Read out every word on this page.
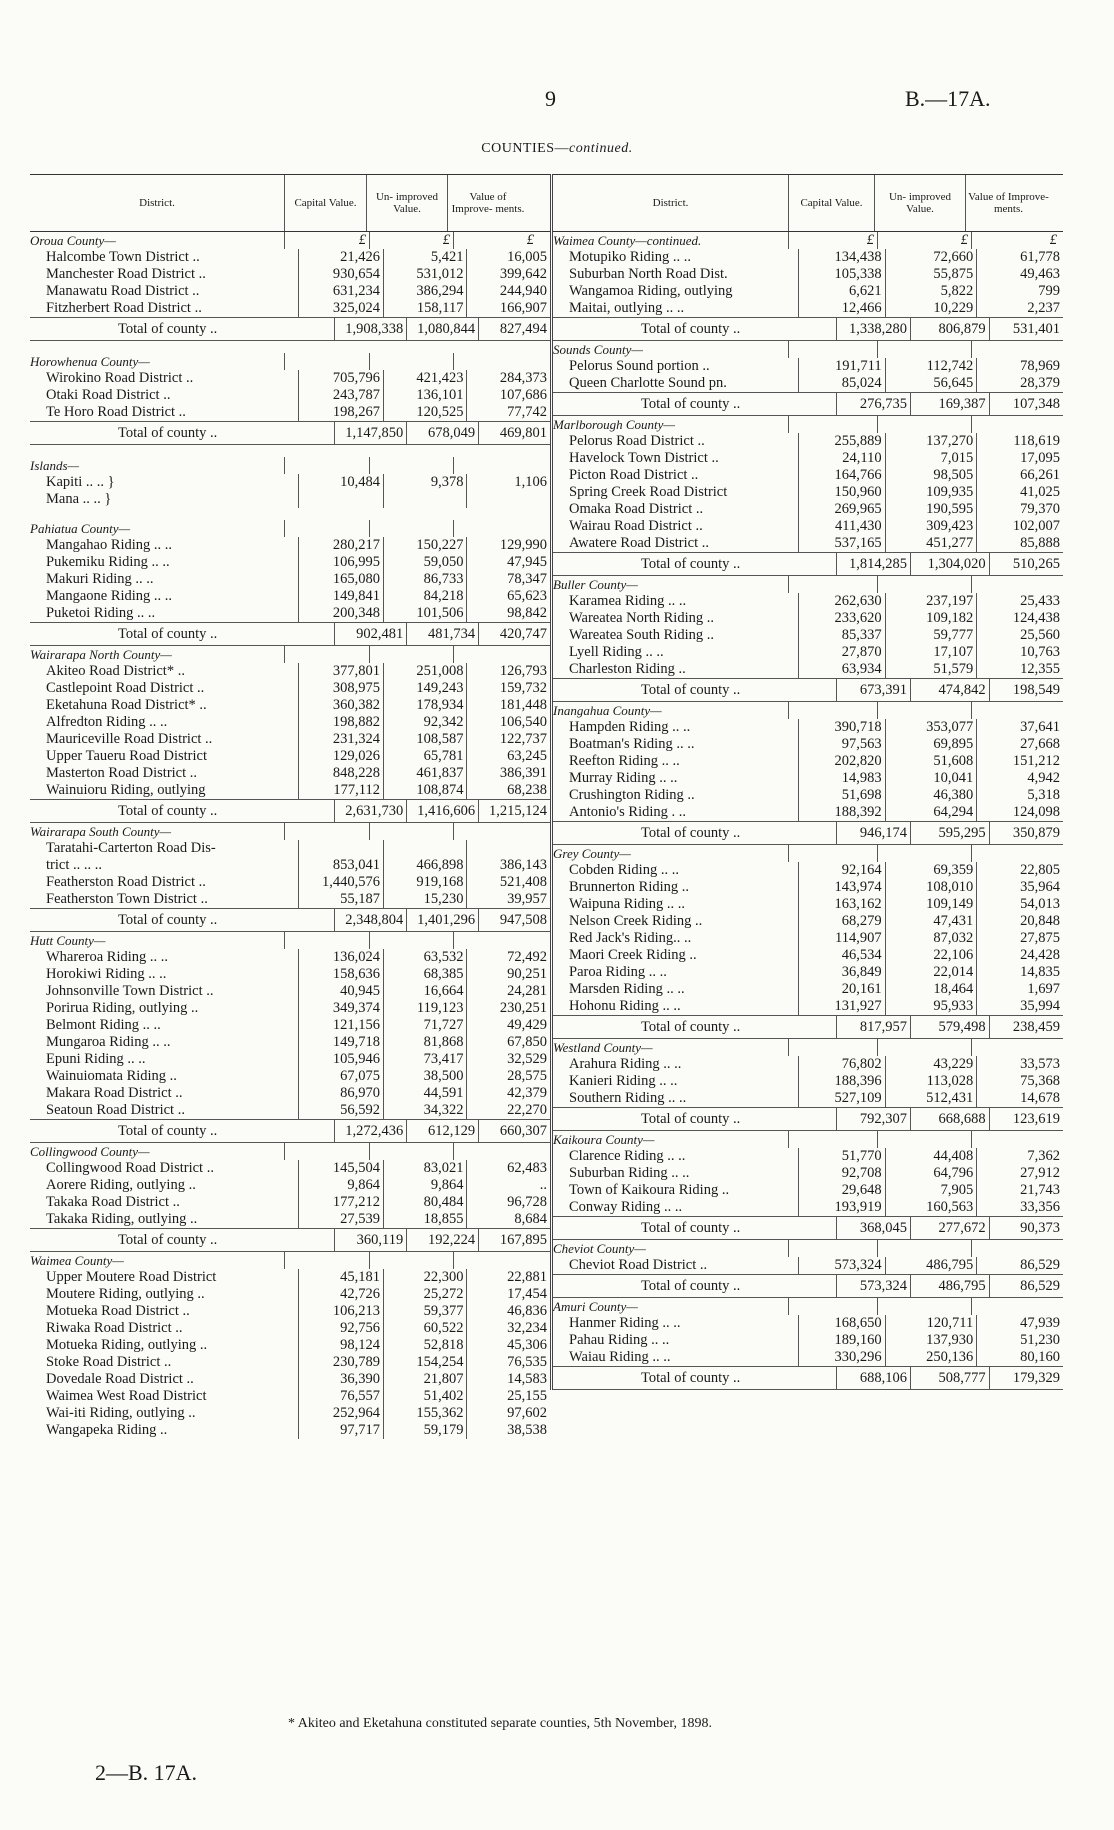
9	B.—17A.
COUNTIES—continued.
District.	Capital Value.	Un- improved Value.
Value of Improve- ments.
Oroua County—	£	£	£
Halcombe Town District ..	21,426	5,421	16,005
Manchester Road District ..	930,654	531,012	399,642
Manawatu Road District ..	631,234	386,294	244,940
Fitzherbert Road District ..	325,024	158,117	166,907
Total of county ..	1,908,338 1,080,844	827,494
Horowhenua County—
Wirokino Road District ..	705,796	421,423	284,373
Otaki Road District ..	243,787	136,101	107,686
Te Horo Road District ..	198,267	120,525	77,742
Total of county ..	1,147,850	678,049	469,801
Islands—
Kapiti .. .. }	10,484	9,378	1,106
Mana .. .. }
Pahiatua County—
Mangahao Riding .. ..	280,217	150,227	129,990
Pukemiku Riding .. ..	106,995	59,050	47,945
Makuri Riding .. ..	165,080	86,733	78,347
Mangaone Riding .. ..	149,841	84,218	65,623
Puketoi Riding .. ..	200,348	101,506	98,842
Total of county ..	902,481	481,734	420,747
Wairarapa North County—
Akiteo Road District* ..	377,801	251,008	126,793
Castlepoint Road District ..	308,975	149,243	159,732
Eketahuna Road District* ..	360,382	178,934	181,448
Alfredton Riding .. ..	198,882	92,342	106,540
Mauriceville Road District ..	231,324	108,587	122,737
Upper Taueru Road District	129,026	65,781	63,245
Masterton Road District ..	848,228	461,837	386,391
Wainuioru Riding, outlying	177,112	108,874	68,238
Total of county ..	2,631,730 1,416,606 1,215,124
Wairarapa South County—
Taratahi-Carterton Road Dis-
trict .. .. ..	853,041	466,898	386,143
Featherston Road District ..	1,440,576	919,168	521,408
Featherston Town District ..	55,187	15,230	39,957
Total of county ..	2,348,804 1,401,296	947,508
Hutt County—
Wharerоa Riding .. ..	136,024	63,532	72,492
Horokiwi Riding .. ..	158,636	68,385	90,251
Johnsonville Town District ..	40,945	16,664	24,281
Porirua Riding, outlying ..	349,374	119,123	230,251
Belmont Riding .. ..	121,156	71,727	49,429
Mungaroa Riding .. ..	149,718	81,868	67,850
Epuni Riding .. ..	105,946	73,417	32,529
Wainuiomata Riding ..	67,075	38,500	28,575
Makara Road District ..	86,970	44,591	42,379
Seatoun Road District ..	56,592	34,322	22,270
Total of county ..	1,272,436	612,129	660,307
Collingwood County—
Collingwood Road District ..	145,504	83,021	62,483
Aorere Riding, outlying ..	9,864	9,864	..
Takaka Road District ..	177,212	80,484	96,728
Takaka Riding, outlying ..	27,539	18,855	8,684
Total of county ..	360,119	192,224	167,895
Waimea County—
Upper Moutere Road District	45,181	22,300	22,881
Moutere Riding, outlying ..	42,726	25,272	17,454
Motueka Road District ..	106,213	59,377	46,836
Riwaka Road District ..	92,756	60,522	32,234
Motueka Riding, outlying ..	98,124	52,818	45,306
Stoke Road District ..	230,789	154,254	76,535
Dovedale Road District ..	36,390	21,807	14,583
Waimea West Road District	76,557	51,402	25,155
Wai-iti Riding, outlying ..	252,964	155,362	97,602
Wangapeka Riding ..	97,717	59,179	38,538
District.	Capital Value.	Un- improved Value.
Value of Improve- ments.
Waimea County—continued.	£	£	£
Motupiko Riding .. ..	134,438	72,660	61,778
Suburban North Road Dist.	105,338	55,875	49,463
Wangamoa Riding, outlying	6,621	5,822	799
Maitai, outlying .. ..	12,466	10,229	2,237
Total of county ..	1,338,280	806,879	531,401
Sounds County—
Pelorus Sound portion ..	191,711	112,742	78,969
Queen Charlotte Sound pn.	85,024	56,645	28,379
Total of county ..	276,735	169,387	107,348
Marlborough County—
Pelorus Road District ..	255,889	137,270	118,619
Havelock Town District ..	24,110	7,015	17,095
Picton Road District ..	164,766	98,505	66,261
Spring Creek Road District	150,960	109,935	41,025
Omaka Road District ..	269,965	190,595	79,370
Wairau Road District ..	411,430	309,423	102,007
Awatere Road District ..	537,165	451,277	85,888
Total of county ..	1,814,285	1,304,020	510,265
Buller County—
Karamea Riding .. ..	262,630	237,197	25,433
Wareatea North Riding ..	233,620	109,182	124,438
Wareatea South Riding ..	85,337	59,777	25,560
Lyell Riding .. ..	27,870	17,107	10,763
Charleston Riding ..	63,934	51,579	12,355
Total of county ..	673,391	474,842	198,549
Inangahua County—
Hampden Riding .. ..	390,718	353,077	37,641
Boatman's Riding .. ..	97,563	69,895	27,668
Reefton Riding .. ..	202,820	51,608	151,212
Murray Riding .. ..	14,983	10,041	4,942
Crushington Riding ..	51,698	46,380	5,318
Antonio's Riding . ..	188,392	64,294	124,098
Total of county ..	946,174	595,295	350,879
Grey County—
Cobden Riding .. ..	92,164	69,359	22,805
Brunnerton Riding ..	143,974	108,010	35,964
Waipuna Riding .. ..	163,162	109,149	54,013
Nelson Creek Riding ..	68,279	47,431	20,848
Red Jack's Riding.. ..	114,907	87,032	27,875
Maori Creek Riding ..	46,534	22,106	24,428
Paroa Riding .. ..	36,849	22,014	14,835
Marsden Riding .. ..	20,161	18,464	1,697
Hohonu Riding .. ..	131,927	95,933	35,994
Total of county ..	817,957	579,498	238,459
Westland County—
Arahura Riding .. ..	76,802	43,229	33,573
Kanieri Riding .. ..	188,396	113,028	75,368
Southern Riding .. ..	527,109	512,431	14,678
Total of county ..	792,307	668,688	123,619
Kaikoura County—
Clarence Riding .. ..	51,770	44,408	7,362
Suburban Riding .. ..	92,708	64,796	27,912
Town of Kaikoura Riding ..	29,648	7,905	21,743
Conway Riding .. ..	193,919	160,563	33,356
Total of county ..	368,045	277,672	90,373
Cheviot County—
Cheviot Road District ..	573,324	486,795	86,529
Total of county ..	573,324	486,795	86,529
Amuri County—
Hanmer Riding .. ..	168,650	120,711	47,939
Pahau Riding .. ..	189,160	137,930	51,230
Waiau Riding .. ..	330,296	250,136	80,160
Total of county ..	688,106	508,777	179,329
* Akiteo and Eketahuna constituted separate counties, 5th November, 1898.
2—B. 17A.
